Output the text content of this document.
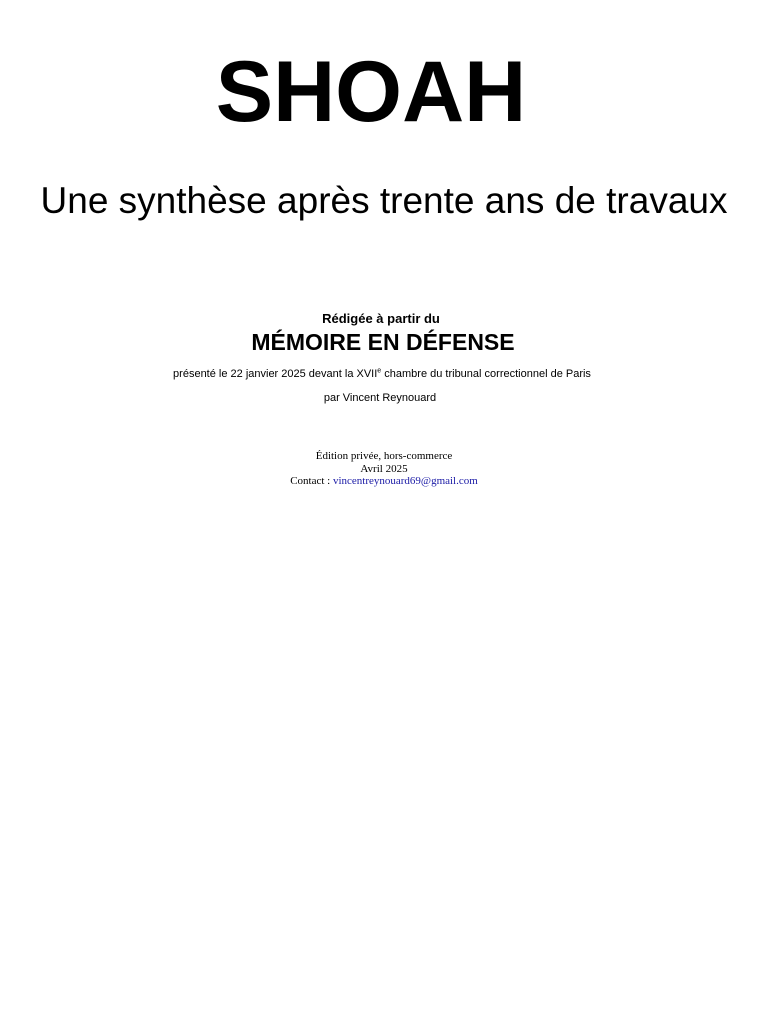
SHOAH
Une synthèse après trente ans de travaux
Rédigée à partir du
MÉMOIRE EN DÉFENSE
présenté le 22 janvier 2025 devant la XVIIe chambre du tribunal correctionnel de Paris
par Vincent Reynouard
Édition privée, hors-commerce
Avril 2025
Contact : vincentreynouard69@gmail.com
